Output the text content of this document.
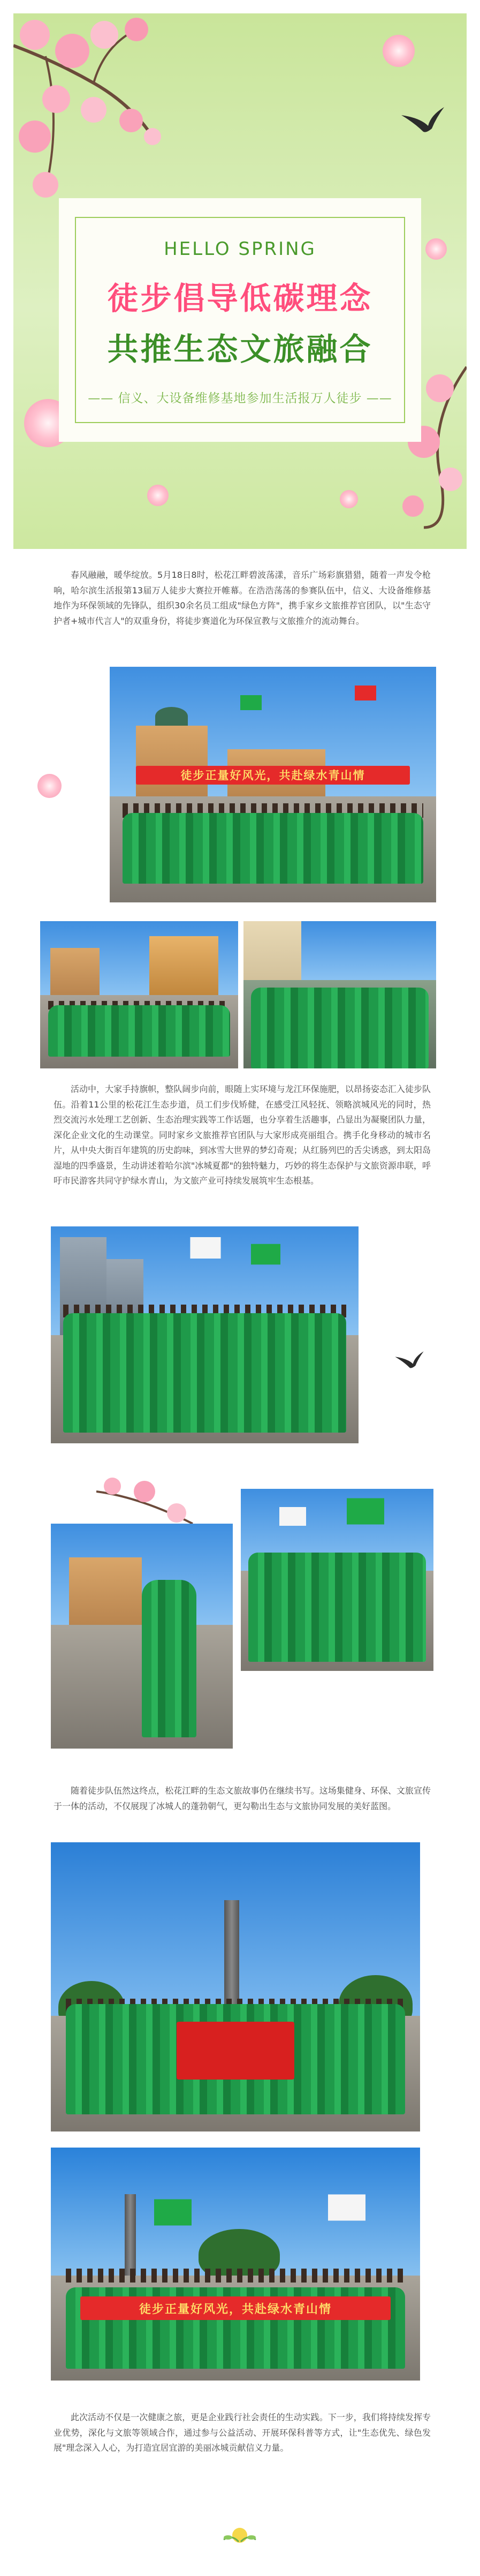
HELLO SPRING
徒步倡导低碳理念
共推生态文旅融合
—— 信义、大设备维修基地参加生活报万人徒步 ——

春风融融，暖华绽放。5月18日8时，松花江畔碧波荡漾，音乐广场彩旗猎猎，随着一声发令枪响，哈尔滨生活报第13届万人徒步大赛拉开帷幕。在浩浩荡荡的参赛队伍中，信义、大设备维修基地作为环保领域的先锋队，组织30余名员工组成"绿色方阵"，携手家乡文旅推荐官团队，以"生态守护者+城市代言人"的双重身份，将徒步赛道化为环保宣教与文旅推介的流动舞台。

徒步正量好风光，共赴绿水青山情

活动中，大家手持旗帜，整队阔步向前，眼随上实环境与龙江环保施肥，以昂扬姿态汇入徒步队伍。沿着11公里的松花江生态步道，员工们步伐矫健，在感受江风轻抚、领略滨城风光的同时，热烈交流污水处理工艺创新、生态治理实践等工作话题，也分享着生活趣事，凸显出为凝聚团队力量，深化企业文化的生动课堂。同时家乡文旅推荐官团队与大家形成亮丽组合。携手化身移动的城市名片，从中央大街百年建筑的历史韵味，到冰雪大世界的梦幻奇观；从红肠列巴的舌尖诱惑，到太阳岛湿地的四季盛景，生动讲述着哈尔滨"冰城夏都"的独特魅力，巧妙的将生态保护与文旅资源串联，呼吁市民游客共同守护绿水青山，为文旅产业可持续发展筑牢生态根基。

随着徒步队伍然这终点，松花江畔的生态文旅故事仍在继续书写。这场集健身、环保、文旅宣传于一体的活动，不仅展现了冰城人的蓬勃朝气，更勾勒出生态与文旅协同发展的美好蓝图。

徒步正量好风光，共赴绿水青山情

此次活动不仅是一次健康之旅，更是企业践行社会责任的生动实践。下一步，我们将持续发挥专业优势，深化与文旅等领域合作，通过参与公益活动、开展环保科普等方式，让"生态优先、绿色发展"理念深入人心，为打造宜居宜游的美丽冰城贡献信义力量。
